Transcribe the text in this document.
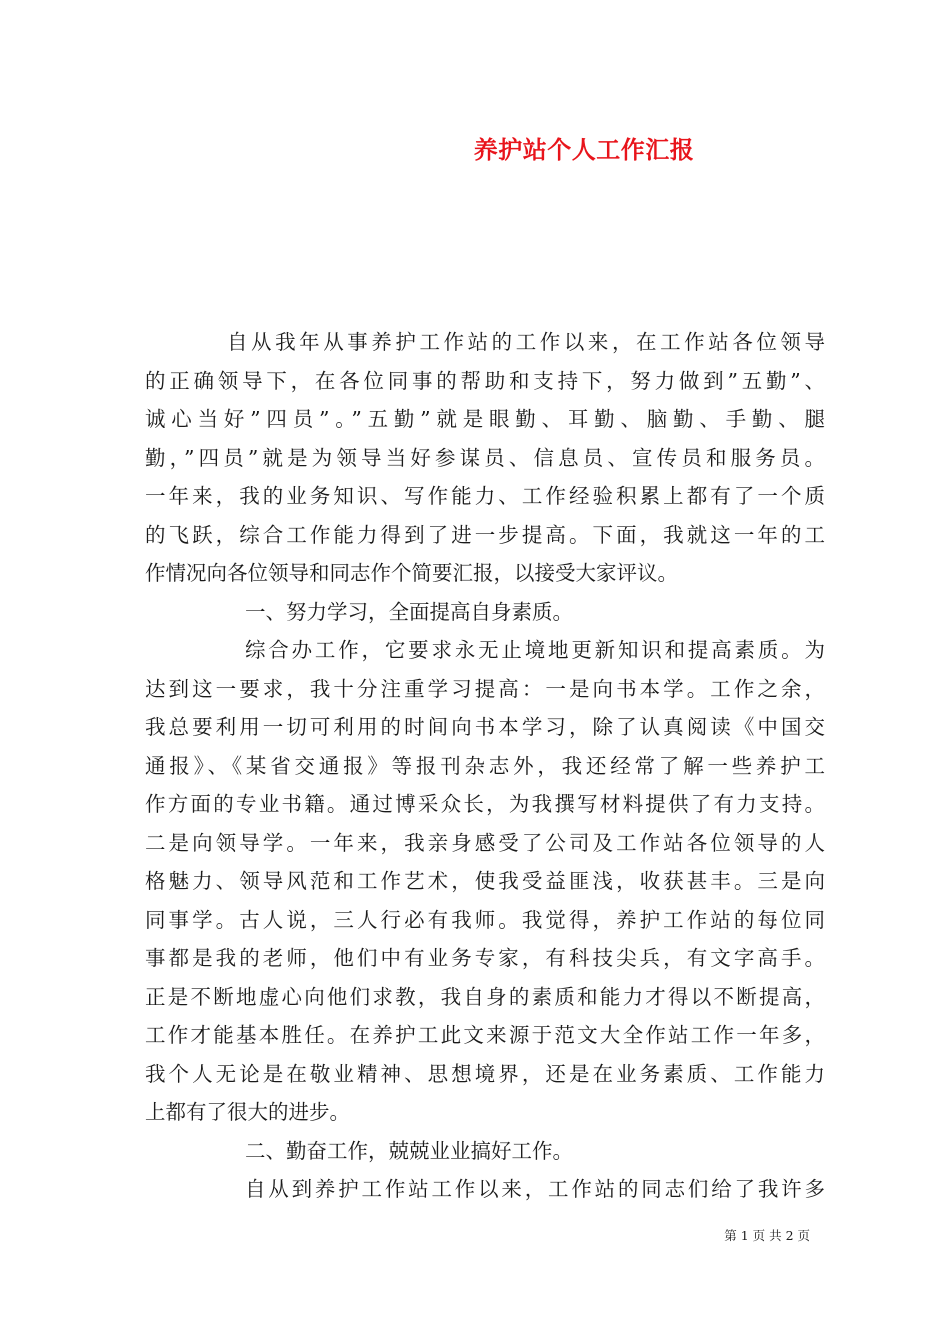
养护站个人工作汇报
自从我年从事养护工作站的工作以来，在工作站各位领导
的正确领导下，在各位同事的帮助和支持下，努力做到”五勤”、
诚心当好”四员”。”五勤”就是眼勤、耳勤、脑勤、手勤、腿
勤，”四员”就是为领导当好参谋员、信息员、宣传员和服务员。
一年来，我的业务知识、写作能力、工作经验积累上都有了一个质
的飞跃，综合工作能力得到了进一步提高。下面，我就这一年的工
作情况向各位领导和同志作个简要汇报，以接受大家评议。
一、努力学习，全面提高自身素质。
综合办工作，它要求永无止境地更新知识和提高素质。为
达到这一要求，我十分注重学习提高：一是向书本学。工作之余，
我总要利用一切可利用的时间向书本学习，除了认真阅读《中国交
通报》、《某省交通报》等报刊杂志外，我还经常了解一些养护工
作方面的专业书籍。通过博采众长，为我撰写材料提供了有力支持。
二是向领导学。一年来，我亲身感受了公司及工作站各位领导的人
格魅力、领导风范和工作艺术，使我受益匪浅，收获甚丰。三是向
同事学。古人说，三人行必有我师。我觉得，养护工作站的每位同
事都是我的老师，他们中有业务专家，有科技尖兵，有文字高手。
正是不断地虚心向他们求教，我自身的素质和能力才得以不断提高，
工作才能基本胜任。在养护工此文来源于范文大全作站工作一年多，
我个人无论是在敬业精神、思想境界，还是在业务素质、工作能力
上都有了很大的进步。
二、勤奋工作，兢兢业业搞好工作。
自从到养护工作站工作以来，工作站的同志们给了我许多
第 1 页 共 2 页
